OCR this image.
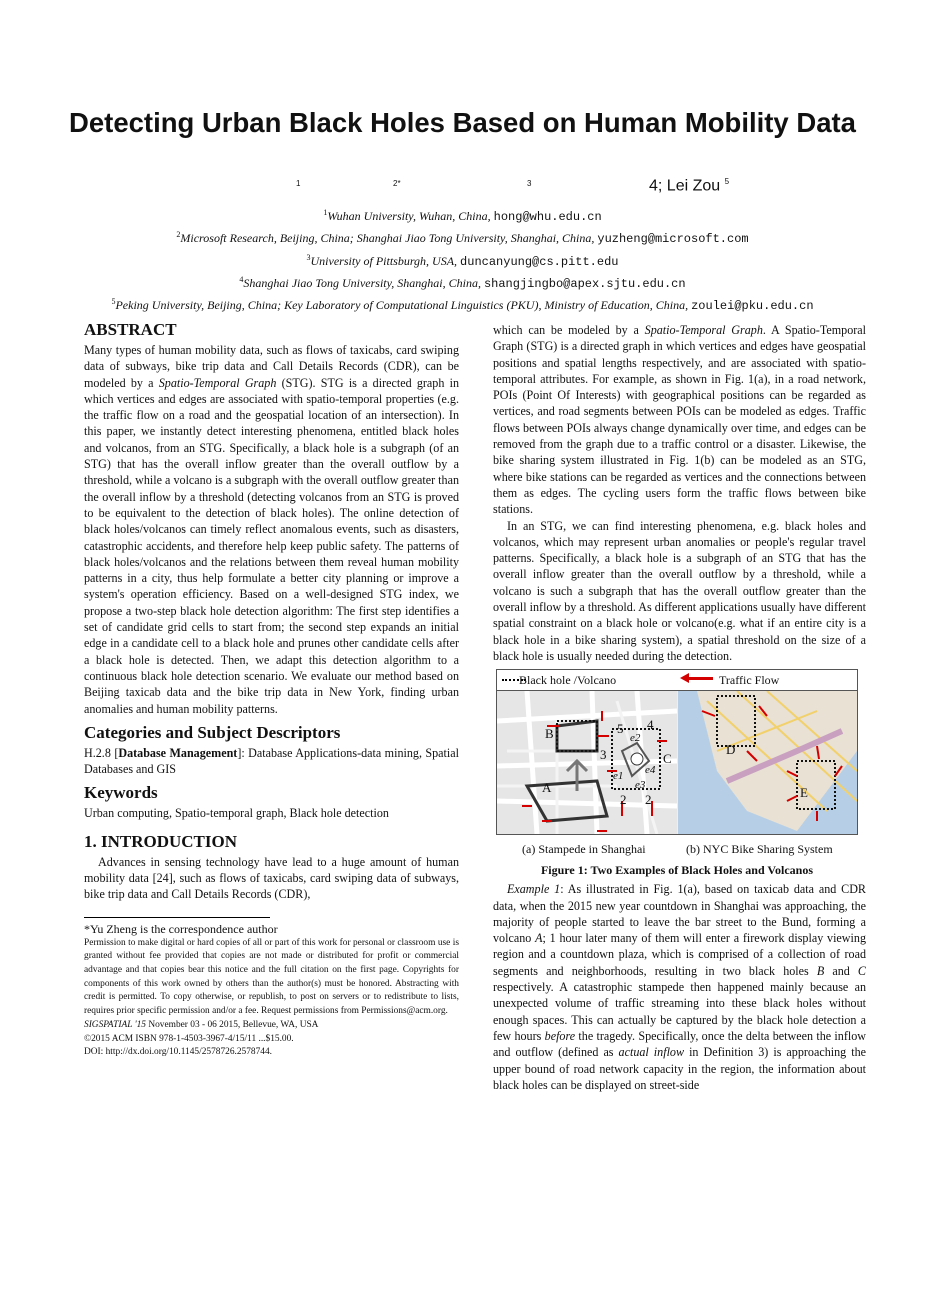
Detecting Urban Black Holes Based on Human Mobility Data
1	2*	3	4; Lei Zou $^5$
$^1$Wuhan University, Wuhan, China, hong@whu.edu.cn
$^2$Microsoft Research, Beijing, China; Shanghai Jiao Tong University, Shanghai, China, yuzheng@microsoft.com
$^3$University of Pittsburgh, USA, duncanyung@cs.pitt.edu
$^4$Shanghai Jiao Tong University, Shanghai, China, shangjingbo@apex.sjtu.edu.cn
$^5$Peking University, Beijing, China; Key Laboratory of Computational Linguistics (PKU), Ministry of Education, China, zoulei@pku.edu.cn
ABSTRACT

Many types of human mobility data, such as flows of taxicabs, card swiping data of subways, bike trip data and Call Details Records (CDR), can be modeled by a Spatio-Temporal Graph (STG). STG is a directed graph in which vertices and edges are associated with spatio-temporal properties (e.g. the traffic flow on a road and the geospatial location of an intersection). In this paper, we instantly detect interesting phenomena, entitled black holes and volcanos, from an STG. Specifically, a black hole is a subgraph (of an STG) that has the overall inflow greater than the overall outflow by a threshold, while a volcano is a subgraph with the overall outflow greater than the overall inflow by a threshold (detecting volcanos from an STG is proved to be equivalent to the detection of black holes). The online detection of black holes/volcanos can timely reflect anomalous events, such as disasters, catastrophic accidents, and therefore help keep public safety. The patterns of black holes/volcanos and the relations between them reveal human mobility patterns in a city, thus help formulate a better city planning or improve a system's operation efficiency. Based on a well-designed STG index, we propose a two-step black hole detection algorithm: The first step identifies a set of candidate grid cells to start from; the second step expands an initial edge in a candidate cell to a black hole and prunes other candidate cells after a black hole is detected. Then, we adapt this detection algorithm to a continuous black hole detection scenario. We evaluate our method based on Beijing taxicab data and the bike trip data in New York, finding urban anomalies and human mobility patterns.

Categories and Subject Descriptors

H.2.8 [Database Management]: Database Applications-data mining, Spatial Databases and GIS

Keywords

Urban computing, Spatio-temporal graph, Black hole detection

1. INTRODUCTION

Advances in sensing technology have lead to a huge amount of human mobility data [24], such as flows of taxicabs, card swiping data of subways, bike trip data and Call Details Records (CDR),

*Yu Zheng is the correspondence author

Permission to make digital or hard copies of all or part of this work for personal or classroom use is granted without fee provided that copies are not made or distributed for profit or commercial advantage and that copies bear this notice and the full citation on the first page. Copyrights for components of this work owned by others than the author(s) must be honored. Abstracting with credit is permitted. To copy otherwise, or republish, to post on servers or to redistribute to lists, requires prior specific permission and/or a fee. Request permissions from Permissions@acm.org.

SIGSPATIAL '15 November 03 - 06 2015, Bellevue, WA, USA

©2015 ACM ISBN 978-1-4503-3967-4/15/11 ...$15.00.

DOI: http://dx.doi.org/10.1145/2578726.2578744.

which can be modeled by a Spatio-Temporal Graph. A Spatio-Temporal Graph (STG) is a directed graph in which vertices and edges have geospatial positions and spatial lengths respectively, and are associated with spatio-temporal attributes. For example, as shown in Fig. 1(a), in a road network, POIs (Point Of Interests) with geographical positions can be regarded as vertices, and road segments between POIs can be modeled as edges. Traffic flows between POIs always change dynamically over time, and edges can be removed from the graph due to a traffic control or a disaster. Likewise, the bike sharing system illustrated in Fig. 1(b) can be modeled as an STG, where bike stations can be regarded as vertices and the connections between them as edges. The cycling users form the traffic flows between bike stations.

In an STG, we can find interesting phenomena, e.g. black holes and volcanos, which may represent urban anomalies or people's regular travel patterns. Specifically, a black hole is a subgraph of an STG that has the overall inflow greater than the overall outflow by a threshold, while a volcano is such a subgraph that has the overall outflow greater than the overall inflow by a threshold. As different applications usually have different spatial constraint on a black hole or volcano(e.g. what if an entire city is a black hole in a bike sharing system), a spatial threshold on the size of a black hole is usually needed during the detection.

Black hole /Volcano	Traffic Flow
B
A
C
5 4
3
2 2
e2
e1 e4
e3
D
E
(a) Stampede in Shanghai	(b) NYC Bike Sharing System
Figure 1: Two Examples of Black Holes and Volcanos

Example 1: As illustrated in Fig. 1(a), based on taxicab data and CDR data, when the 2015 new year countdown in Shanghai was approaching, the majority of people started to leave the bar street to the Bund, forming a volcano A; 1 hour later many of them will enter a firework display viewing region and a countdown plaza, which is comprised of a collection of road segments and neighborhoods, resulting in two black holes B and C respectively. A catastrophic stampede then happened mainly because an unexpected volume of traffic streaming into these black holes without enough spaces. This can actually be captured by the black hole detection a few hours before the tragedy. Specifically, once the delta between the inflow and outflow (defined as actual inflow in Definition 3) is approaching the upper bound of road network capacity in the region, the information about black holes can be displayed on street-side
